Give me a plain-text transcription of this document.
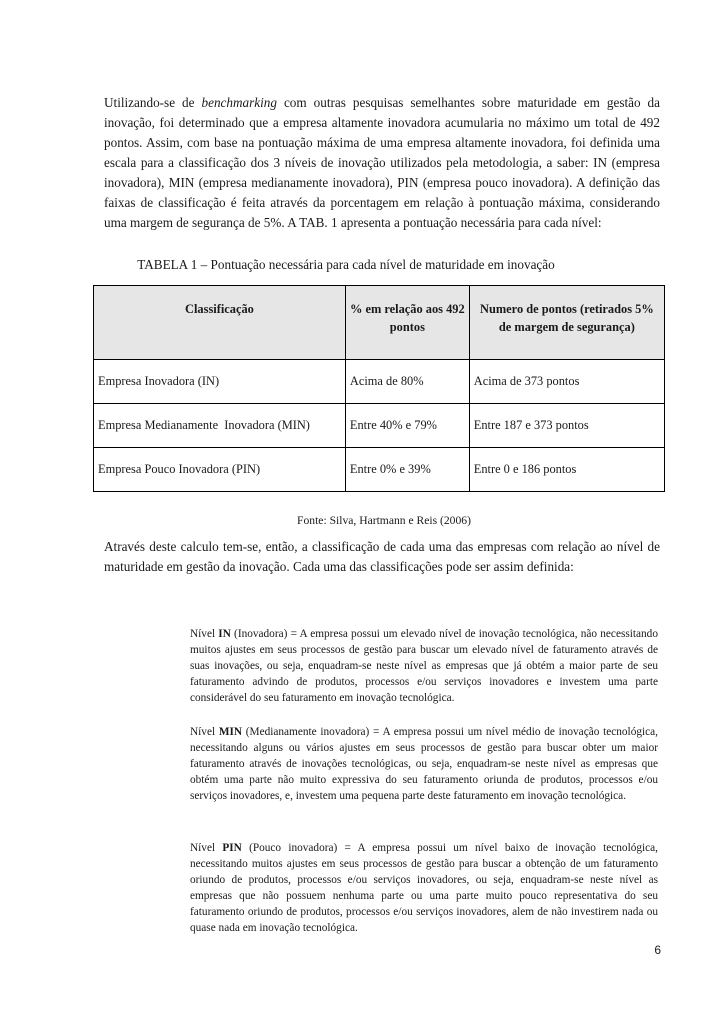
Utilizando-se de benchmarking com outras pesquisas semelhantes sobre maturidade em gestão da inovação, foi determinado que a empresa altamente inovadora acumularia no máximo um total de 492 pontos. Assim, com base na pontuação máxima de uma empresa altamente inovadora, foi definida uma escala para a classificação dos 3 níveis de inovação utilizados pela metodologia, a saber: IN (empresa inovadora), MIN (empresa medianamente inovadora), PIN (empresa pouco inovadora). A definição das faixas de classificação é feita através da porcentagem em relação à pontuação máxima, considerando uma margem de segurança de 5%. A TAB. 1 apresenta a pontuação necessária para cada nível:

TABELA 1 – Pontuação necessária para cada nível de maturidade em inovação

Classificação	% em relação aos 492 pontos	Numero de pontos (retirados 5% de margem de segurança)
Empresa Inovadora (IN)	Acima de 80%	Acima de 373 pontos
Empresa Medianamente  Inovadora (MIN)	Entre 40% e 79%	Entre 187 e 373 pontos
Empresa Pouco Inovadora (PIN)	Entre 0% e 39%	Entre 0 e 186 pontos

Fonte: Silva, Hartmann e Reis (2006)

Através deste calculo tem-se, então, a classificação de cada uma das empresas com relação ao nível de maturidade em gestão da inovação. Cada uma das classificações pode ser assim definida:

Nível IN (Inovadora) = A empresa possui um elevado nível de inovação tecnológica, não necessitando muitos ajustes em seus processos de gestão para buscar um elevado nível de faturamento através de suas inovações, ou seja, enquadram-se neste nível as empresas que já obtém a maior parte de seu faturamento advindo de produtos, processos e/ou serviços inovadores e investem uma parte considerável do seu faturamento em inovação tecnológica.

Nível MIN (Medianamente inovadora) = A empresa possui um nível médio de inovação tecnológica, necessitando alguns ou vários ajustes em seus processos de gestão para buscar obter um maior faturamento através de inovações tecnológicas, ou seja, enquadram-se neste nível as empresas que obtém uma parte não muito expressiva do seu faturamento oriunda de produtos, processos e/ou serviços inovadores, e, investem uma pequena parte deste faturamento em inovação tecnológica.

Nível PIN (Pouco inovadora) = A empresa possui um nível baixo de inovação tecnológica, necessitando muitos ajustes em seus processos de gestão para buscar a obtenção de um faturamento oriundo de produtos, processos e/ou serviços inovadores, ou seja, enquadram-se neste nível as empresas que não possuem nenhuma parte ou uma parte muito pouco representativa do seu faturamento oriundo de produtos, processos e/ou serviços inovadores, alem de não investirem nada ou quase nada em inovação tecnológica.

6
